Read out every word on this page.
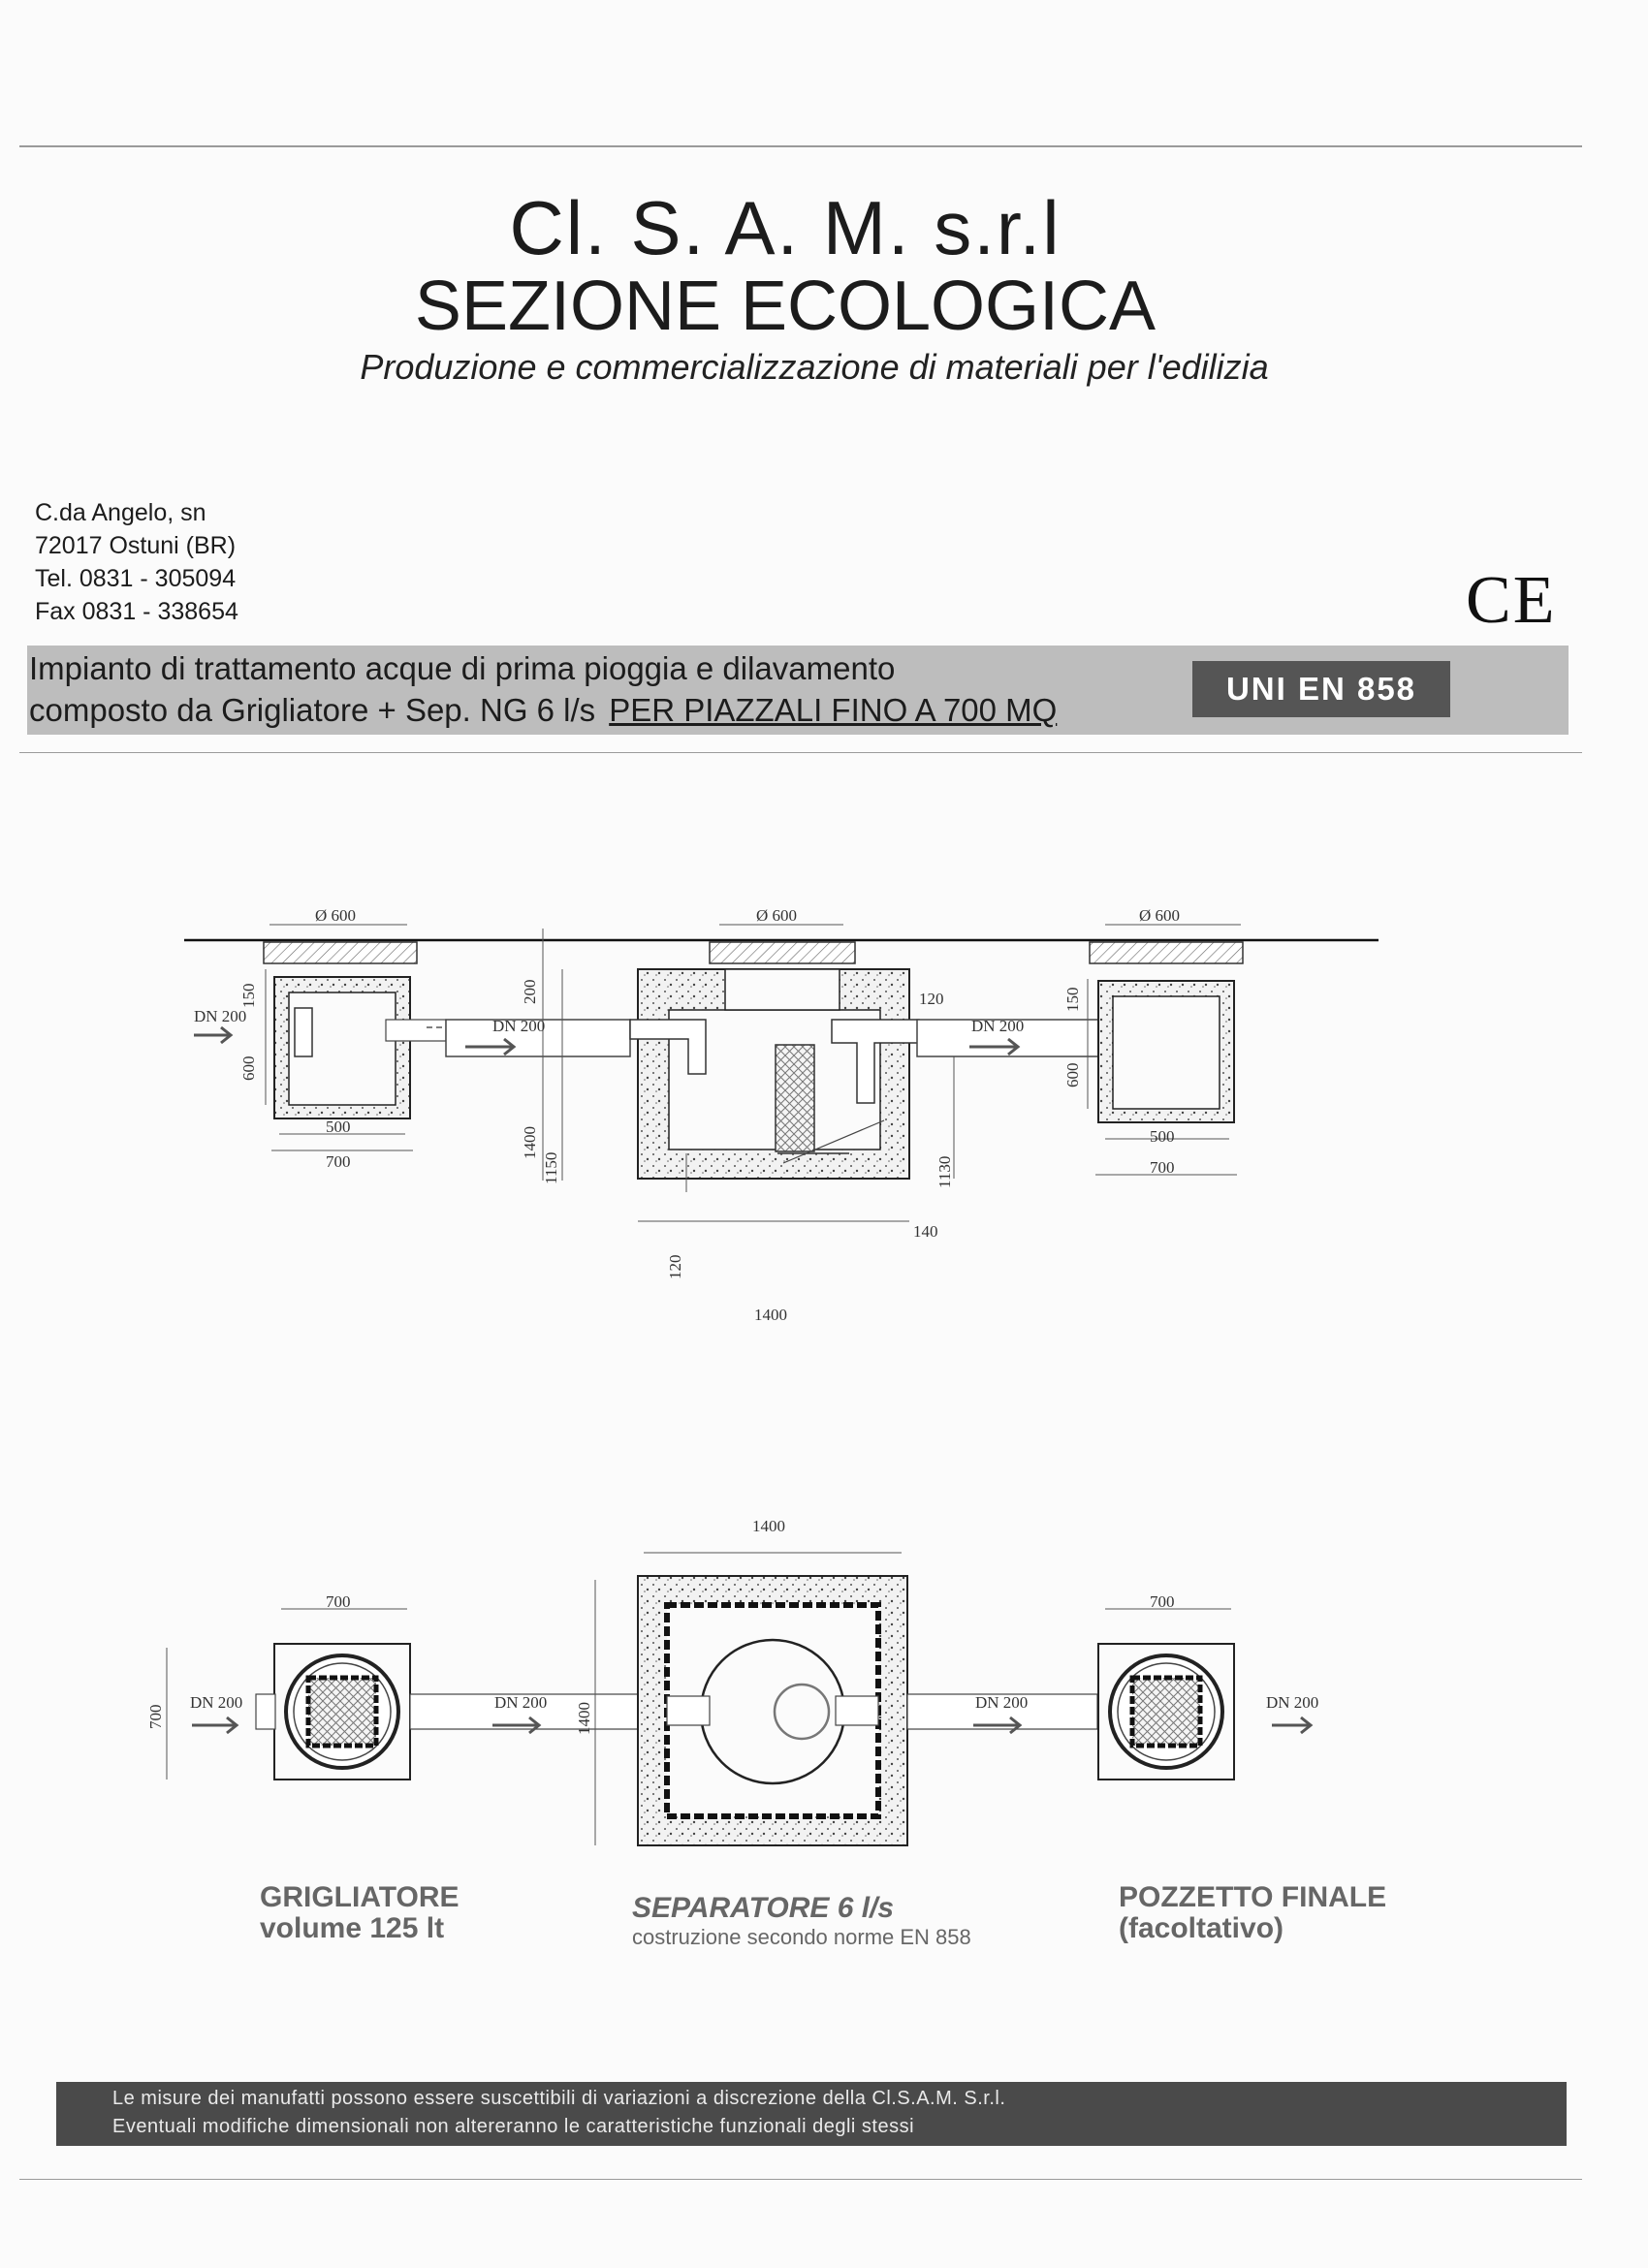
Cl. S. A. M. s.r.l
SEZIONE ECOLOGICA
Produzione e commercializzazione di materiali per l'edilizia
C.da Angelo, sn
72017 Ostuni (BR)
Tel. 0831 - 305094
Fax 0831 - 338654	CE
Impianto di trattamento acque di prima pioggia e dilavamento
composto da Grigliatore + Sep. NG 6 l/s PER PIAZZALI FINO A 700 MQ
UNI EN 858
Ø 600	Ø 600	Ø 600
DN 200
DN 200	DN 200
150
600
500
700
200
1400
1150
120
1130
140
120
1400
150
600
500
700
DN 200	DN 200	DN 200	DN 200
700
700
1400
1400
700
GRIGLIATORE
volume 125 lt
SEPARATORE 6 l/s
costruzione secondo norme EN 858
POZZETTO FINALE
(facoltativo)
Le misure dei manufatti possono essere suscettibili di variazioni a discrezione della Cl.S.A.M. S.r.l.
Eventuali modifiche dimensionali non altereranno le caratteristiche funzionali degli stessi
